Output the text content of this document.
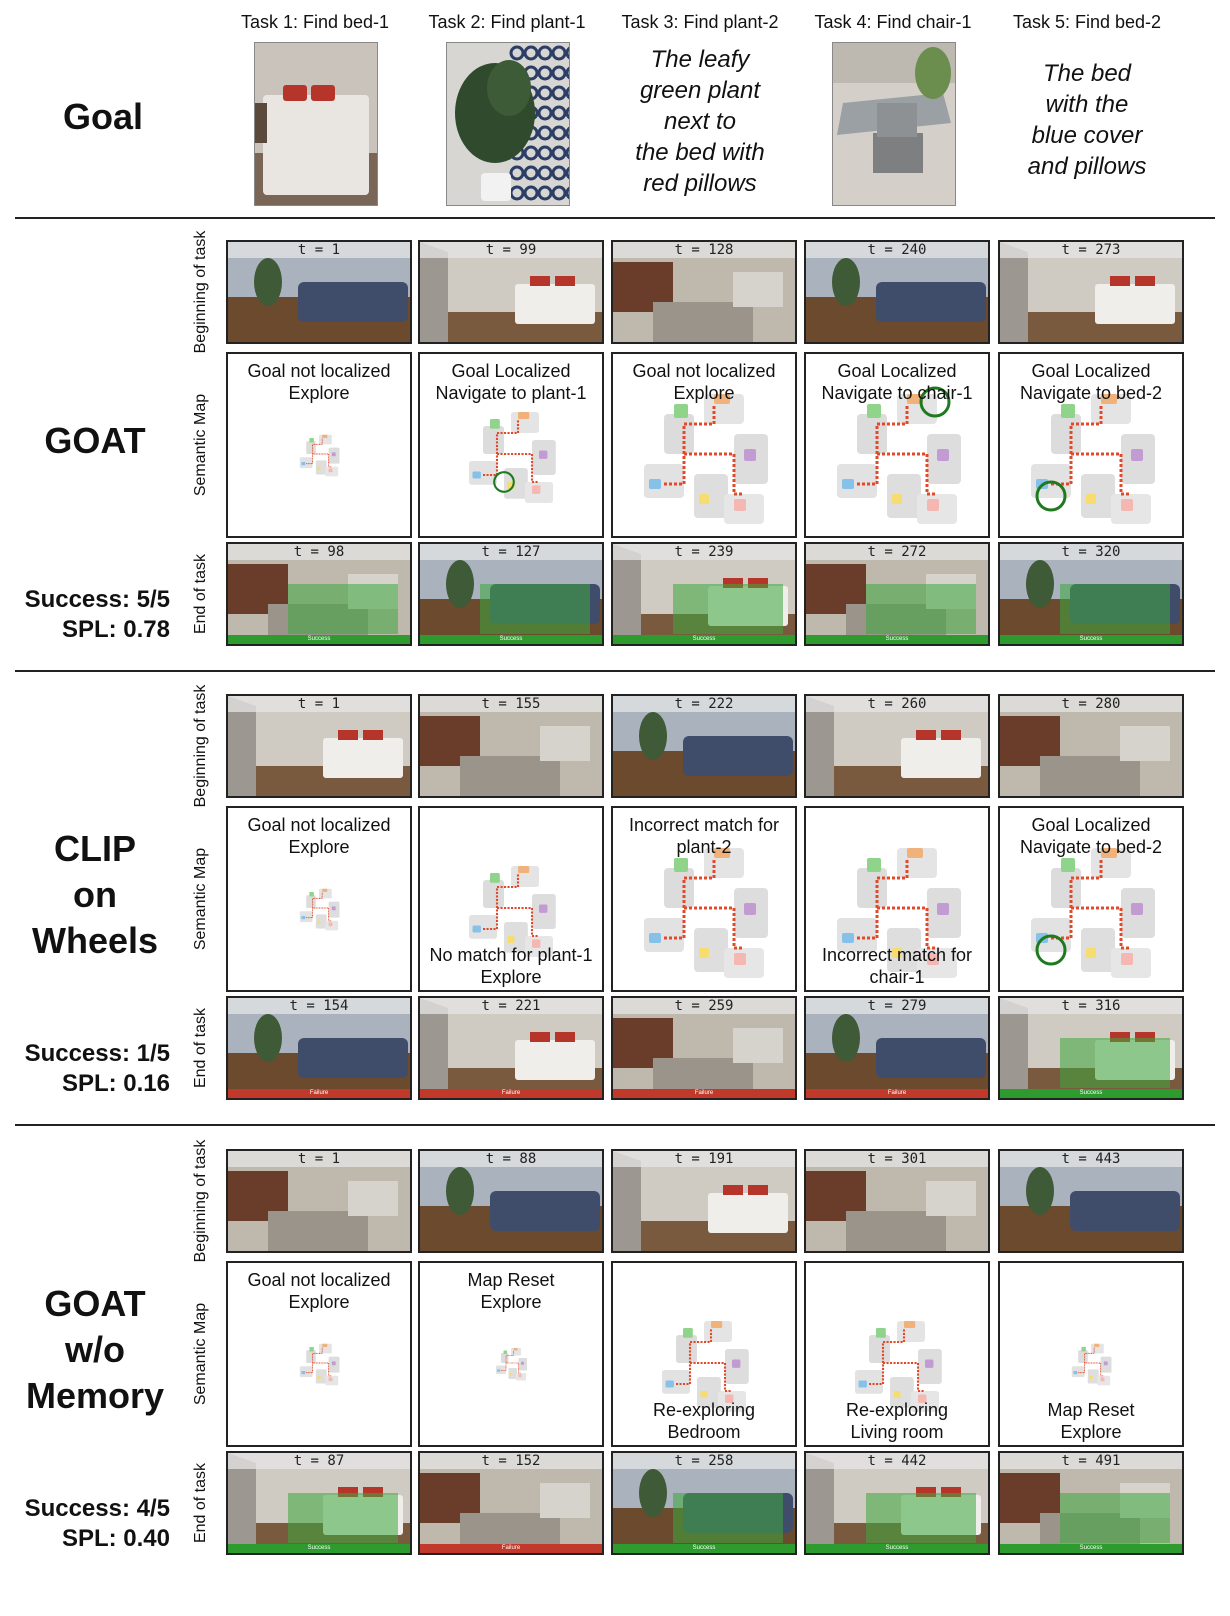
Goal
Task 1: Find bed-1	Task 2: Find plant-1	Task 3: Find plant-2
The leafy
green plant
next to
the bed with
red pillows
Task 4: Find chair-1	Task 5: Find bed-2
The bed
with the
blue cover
and pillows
GOAT
Success: 5/5
SPL: 0.78
Beginning of task
Semantic Map
End of task
t = 1
Goal not localized
Explore
t = 98
Success
t = 99
Goal Localized
Navigate to plant-1
t = 127
Success
t = 128
Goal not localized
Explore
t = 239
Success
t = 240
Goal Localized
Navigate to chair-1
t = 272
Success
t = 273
Goal Localized
Navigate to bed-2
t = 320
Success
CLIP
on
Wheels
Success: 1/5
SPL: 0.16
Beginning of task
Semantic Map
End of task
t = 1
Goal not localized
Explore
t = 154
Failure
t = 155
No match for plant-1
Explore
t = 221
Failure
t = 222
Incorrect match for
plant-2
t = 259
Failure
t = 260
Incorrect match for
chair-1
t = 279
Failure
t = 280
Goal Localized
Navigate to bed-2
t = 316
Success
GOAT
w/o
Memory
Success: 4/5
SPL: 0.40
Beginning of task
Semantic Map
End of task
t = 1
Goal not localized
Explore
t = 87
Success
t = 88
Map Reset
Explore
t = 152
Failure
t = 191
Re-exploring
Bedroom
t = 258
Success
t = 301
Re-exploring
Living room
t = 442
Success
t = 443
Map Reset
Explore
t = 491
Success
